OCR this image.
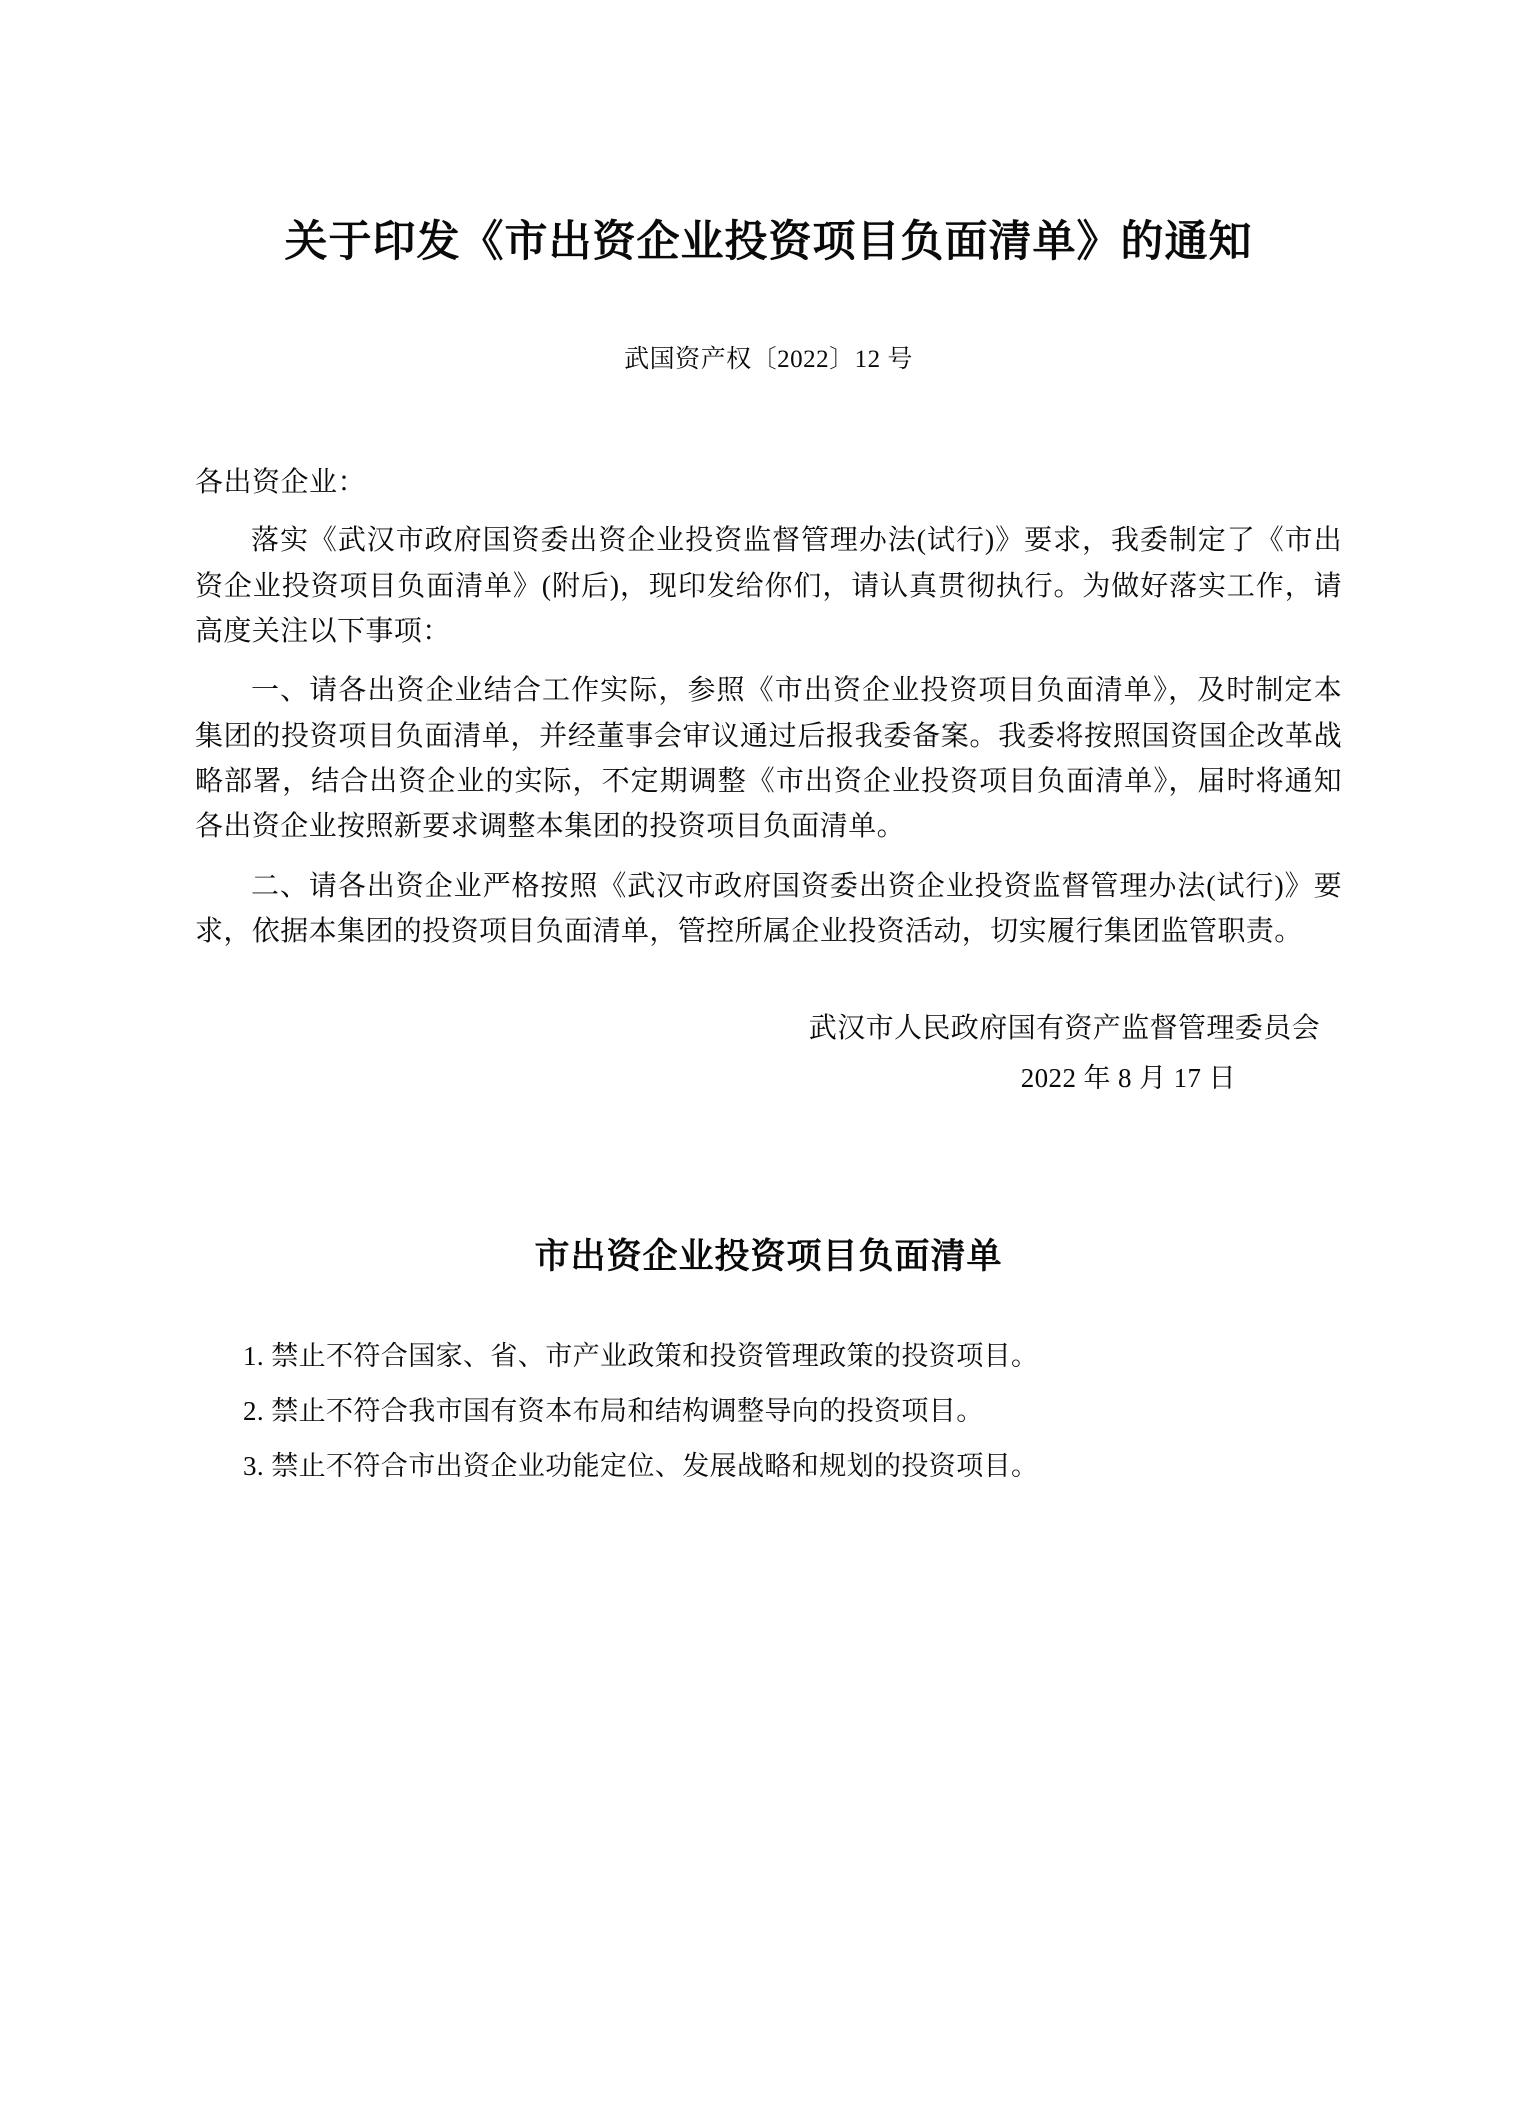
关于印发《市出资企业投资项目负面清单》的通知

武国资产权〔2022〕12 号

各出资企业：

落实《武汉市政府国资委出资企业投资监督管理办法(试行)》要求，我委制定了《市出资企业投资项目负面清单》(附后)，现印发给你们，请认真贯彻执行。为做好落实工作，请高度关注以下事项：

一、请各出资企业结合工作实际，参照《市出资企业投资项目负面清单》，及时制定本集团的投资项目负面清单，并经董事会审议通过后报我委备案。我委将按照国资国企改革战略部署，结合出资企业的实际，不定期调整《市出资企业投资项目负面清单》，届时将通知各出资企业按照新要求调整本集团的投资项目负面清单。

二、请各出资企业严格按照《武汉市政府国资委出资企业投资监督管理办法(试行)》要求，依据本集团的投资项目负面清单，管控所属企业投资活动，切实履行集团监管职责。

武汉市人民政府国有资产监督管理委员会

2022 年 8 月 17 日

市出资企业投资项目负面清单

1. 禁止不符合国家、省、市产业政策和投资管理政策的投资项目。

2. 禁止不符合我市国有资本布局和结构调整导向的投资项目。

3. 禁止不符合市出资企业功能定位、发展战略和规划的投资项目。
